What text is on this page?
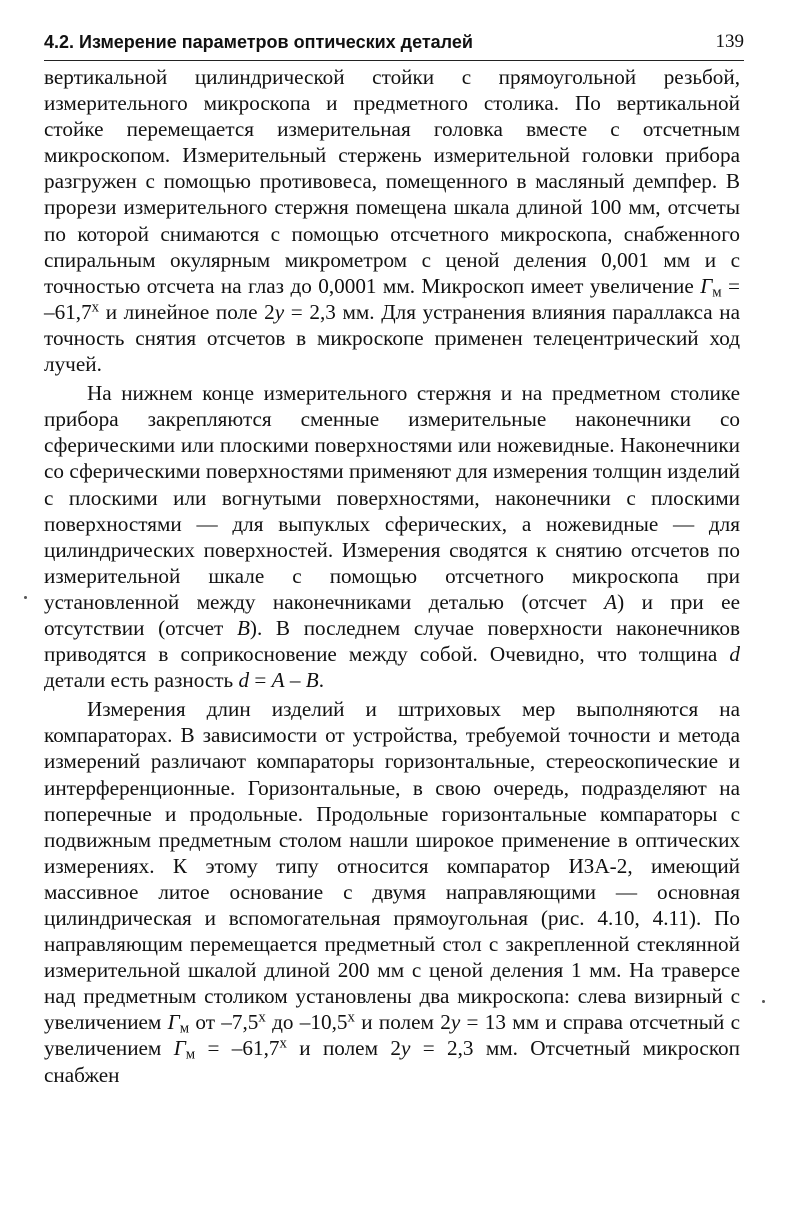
4.2. Измерение параметров оптических деталей	139

вертикальной цилиндрической стойки с прямоугольной резьбой, измерительного микроскопа и предметного столика. По вертикальной стойке перемещается измерительная головка вместе с отсчетным микроскопом. Измерительный стержень измерительной головки прибора разгружен с помощью противовеса, помещенного в масляный демпфер. В прорези измерительного стержня помещена шкала длиной 100 мм, отсчеты по которой снимаются с помощью отсчетного микроскопа, снабженного спиральным окулярным микрометром с ценой деления 0,001 мм и с точностью отсчета на глаз до 0,0001 мм. Микроскоп имеет увеличение $Г_м = -61,7^х$ и линейное поле 2y = 2,3 мм. Для устранения влияния параллакса на точность снятия отсчетов в микроскопе применен телецентрический ход лучей.

На нижнем конце измерительного стержня и на предметном столике прибора закрепляются сменные измерительные наконечники со сферическими или плоскими поверхностями или ножевидные. Наконечники со сферическими поверхностями применяют для измерения толщин изделий с плоскими или вогнутыми поверхностями, наконечники с плоскими поверхностями — для выпуклых сферических, а ножевидные — для цилиндрических поверхностей. Измерения сводятся к снятию отсчетов по измерительной шкале с помощью отсчетного микроскопа при установленной между наконечниками деталью (отсчет A) и при ее отсутствии (отсчет B). В последнем случае поверхности наконечников приводятся в соприкосновение между собой. Очевидно, что толщина d детали есть разность d = A – B.

Измерения длин изделий и штриховых мер выполняются на компараторах. В зависимости от устройства, требуемой точности и метода измерений различают компараторы горизонтальные, стереоскопические и интерференционные. Горизонтальные, в свою очередь, подразделяют на поперечные и продольные. Продольные горизонтальные компараторы с подвижным предметным столом нашли широкое применение в оптических измерениях. К этому типу относится компаратор ИЗА-2, имеющий массивное литое основание с двумя направляющими — основная цилиндрическая и вспомогательная прямоугольная (рис. 4.10, 4.11). По направляющим перемещается предметный стол с закрепленной стеклянной измерительной шкалой длиной 200 мм с ценой деления 1 мм. На траверсе над предметным столиком установлены два микроскопа: слева визирный с увеличением $Г_м$ от $-7,5^х$ до $-10,5^х$ и полем 2y = 13 мм и справа отсчетный с увеличением $Г_м = -61,7^х$ и полем 2y = 2,3 мм. Отсчетный микроскоп снабжен
